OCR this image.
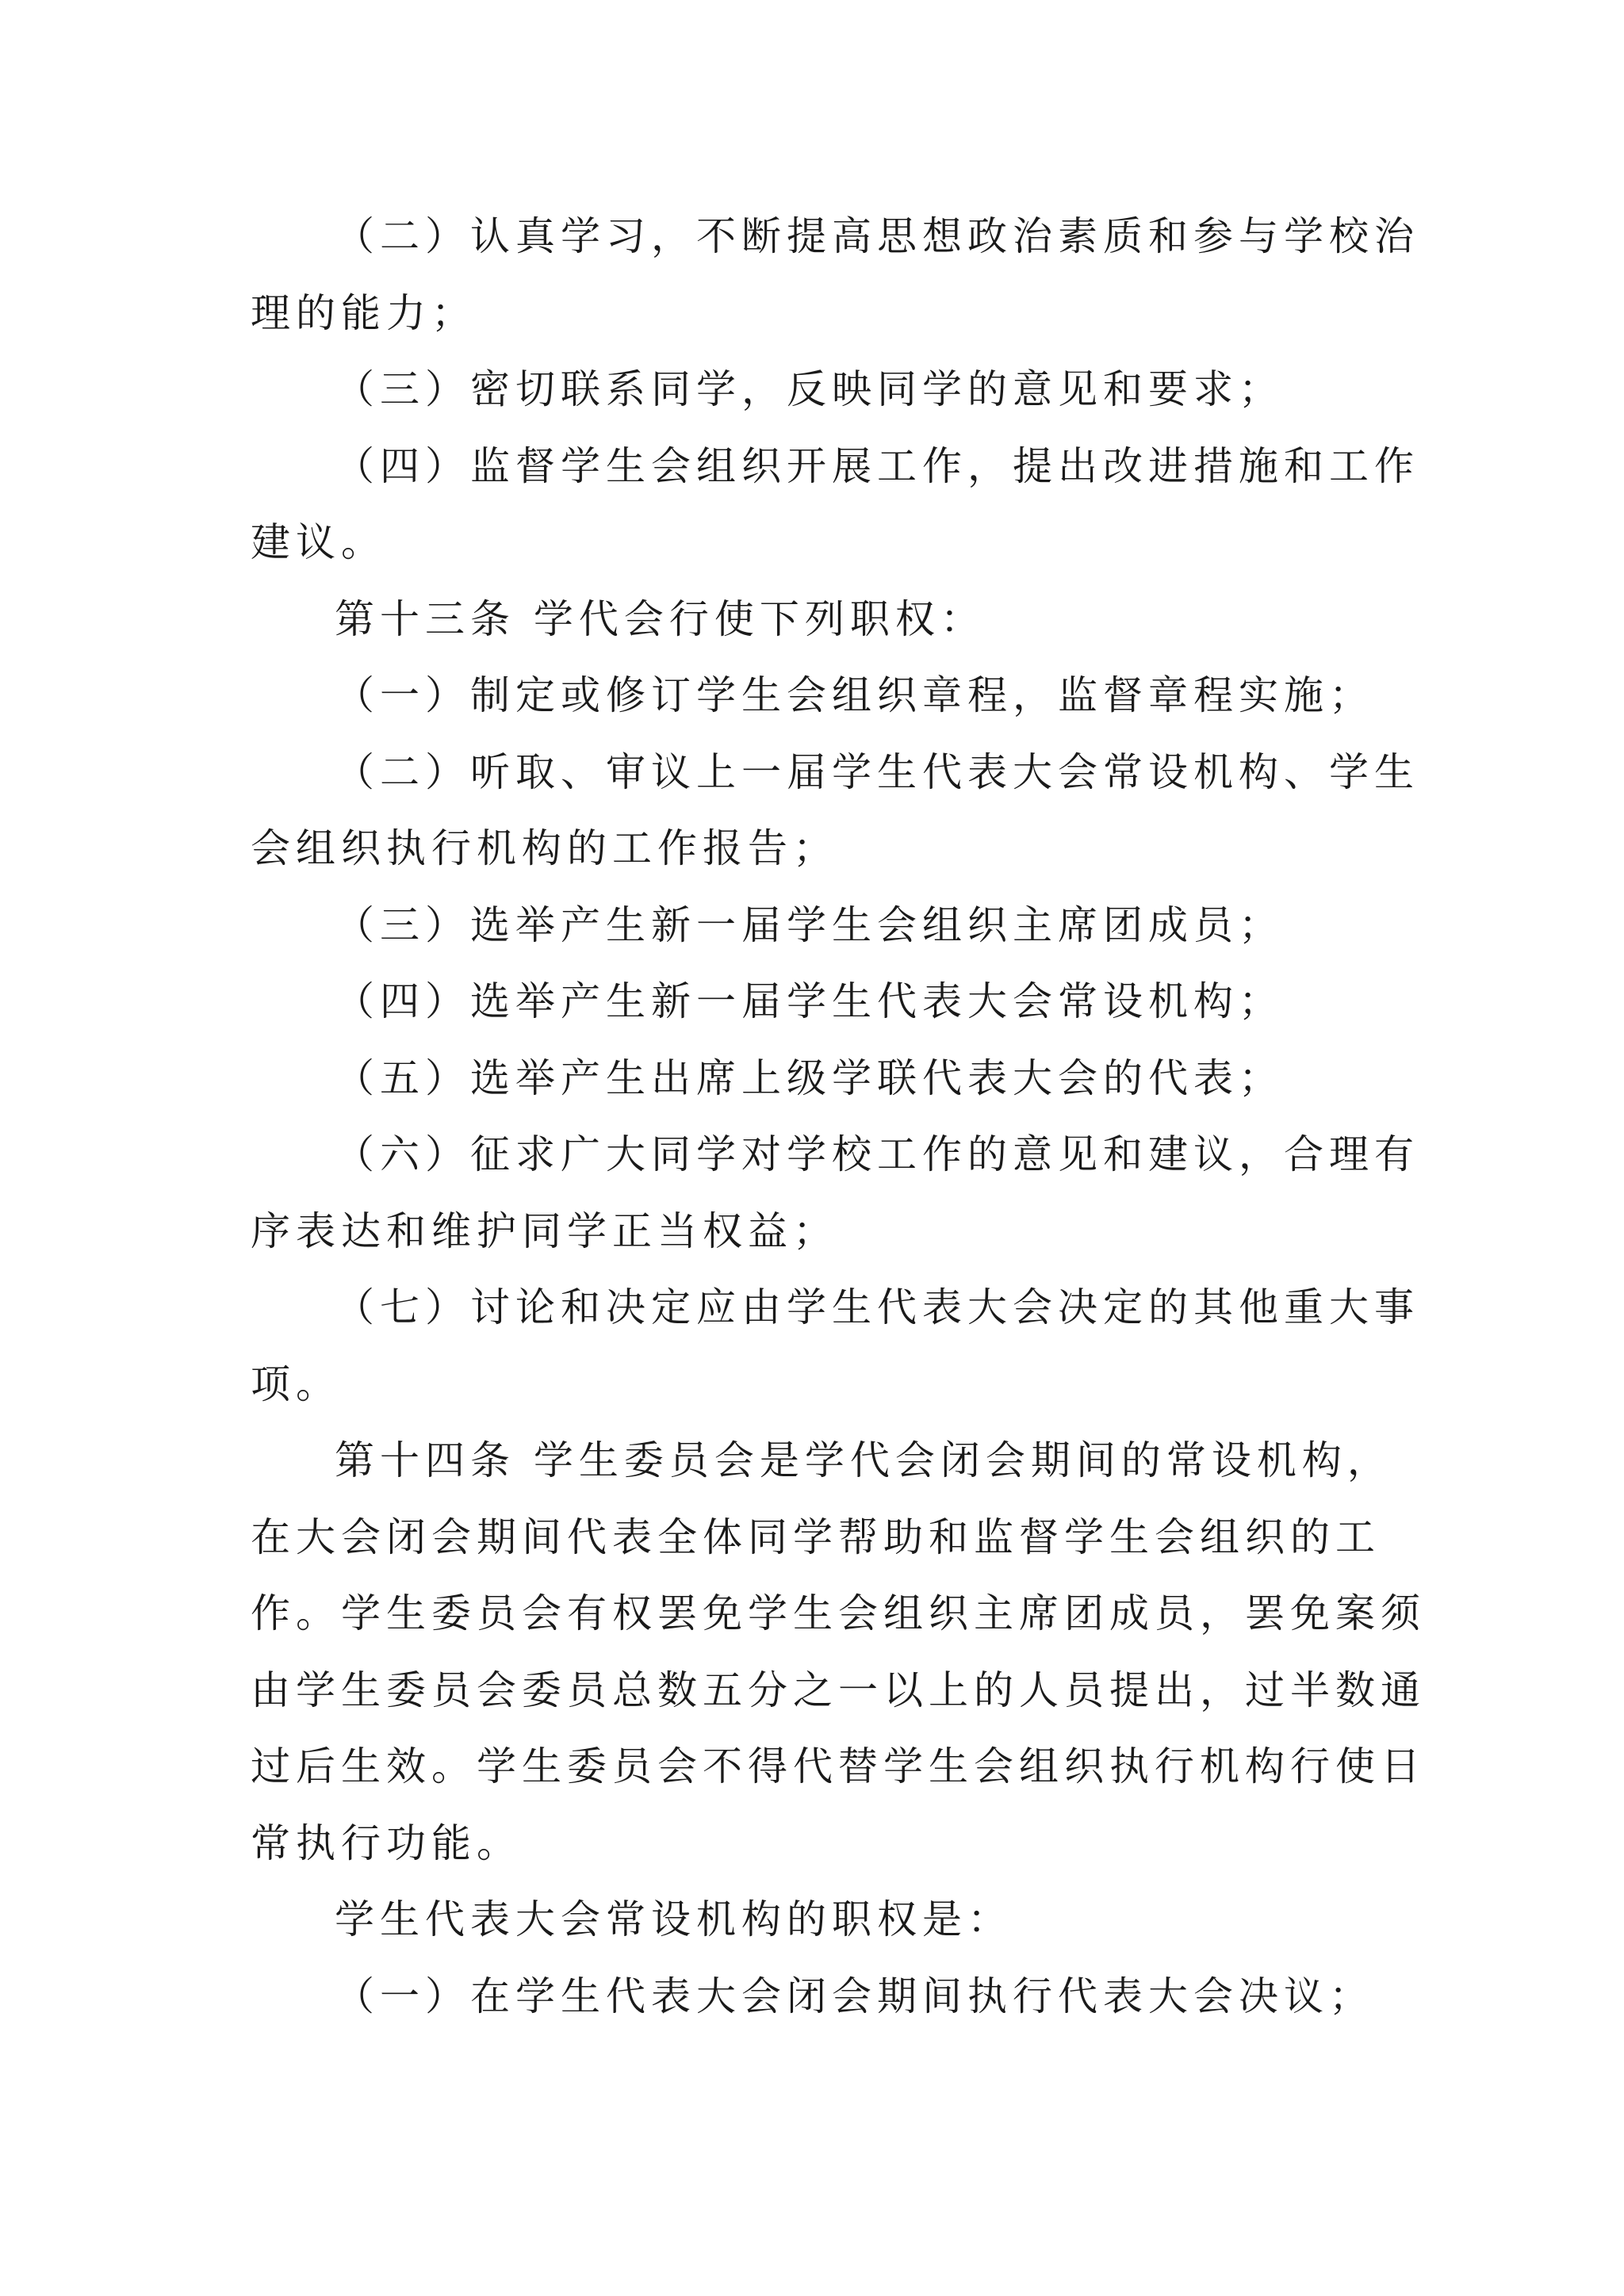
（二）认真学习，不断提高思想政治素质和参与学校治
理的能力；
（三）密切联系同学，反映同学的意见和要求；
（四）监督学生会组织开展工作，提出改进措施和工作
建议。
第十三条 学代会行使下列职权：
（一）制定或修订学生会组织章程，监督章程实施；
（二）听取、审议上一届学生代表大会常设机构、学生
会组织执行机构的工作报告；
（三）选举产生新一届学生会组织主席团成员；
（四）选举产生新一届学生代表大会常设机构；
（五）选举产生出席上级学联代表大会的代表；
（六）征求广大同学对学校工作的意见和建议，合理有
序表达和维护同学正当权益；
（七）讨论和决定应由学生代表大会决定的其他重大事
项。
第十四条 学生委员会是学代会闭会期间的常设机构，
在大会闭会期间代表全体同学帮助和监督学生会组织的工
作。学生委员会有权罢免学生会组织主席团成员，罢免案须
由学生委员会委员总数五分之一以上的人员提出，过半数通
过后生效。学生委员会不得代替学生会组织执行机构行使日
常执行功能。
学生代表大会常设机构的职权是：
（一）在学生代表大会闭会期间执行代表大会决议；
